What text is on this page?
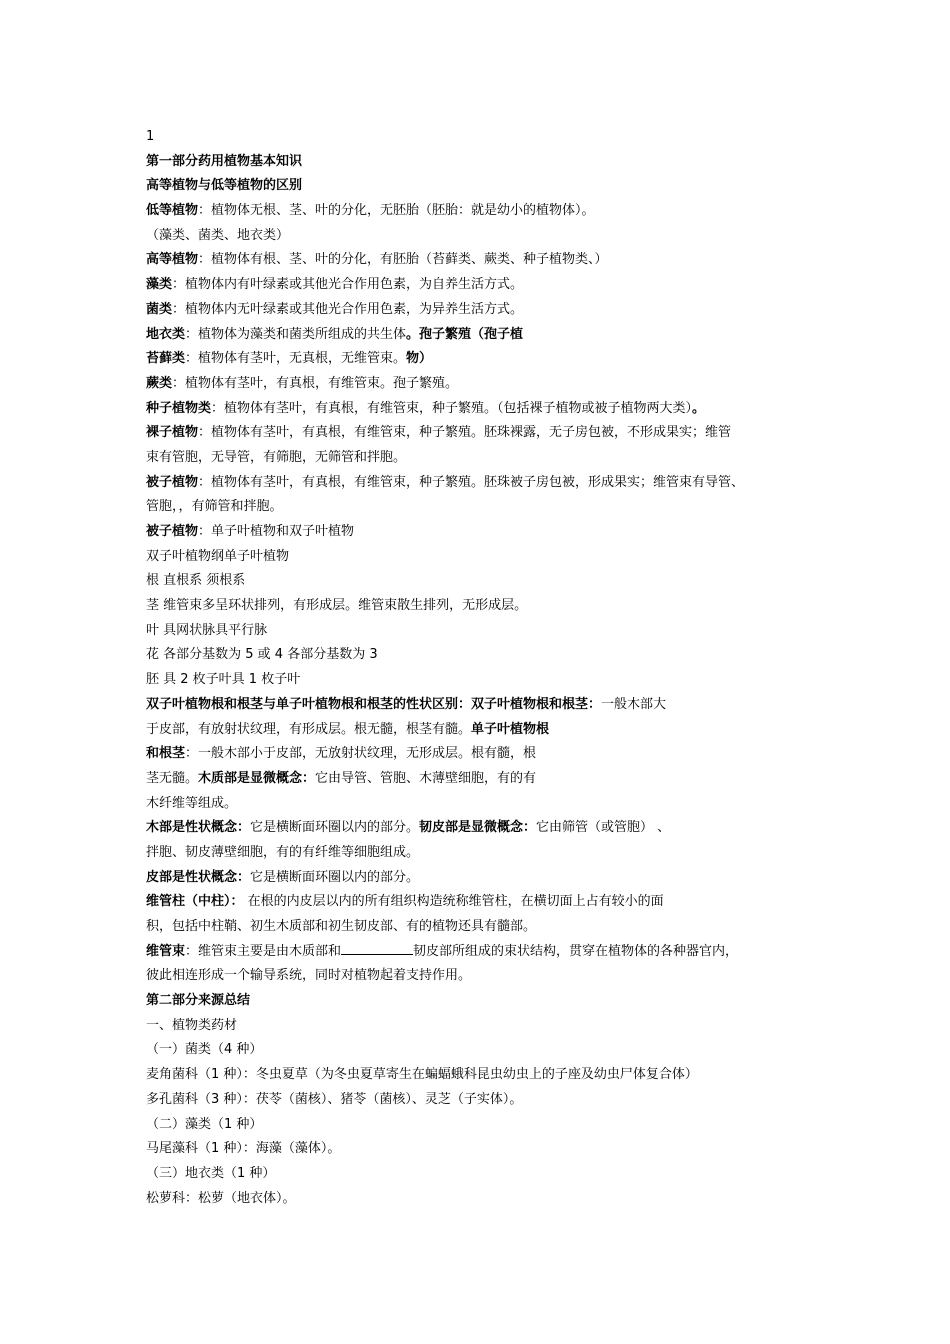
1
第一部分药用植物基本知识
高等植物与低等植物的区别
低等植物：植物体无根、茎、叶的分化，无胚胎（胚胎：就是幼小的植物体）。
（藻类、菌类、地衣类）
高等植物：植物体有根、茎、叶的分化，有胚胎（苔藓类、蕨类、种子植物类、）
藻类：植物体内有叶绿素或其他光合作用色素，为自养生活方式。
菌类：植物体内无叶绿素或其他光合作用色素，为异养生活方式。
地衣类：植物体为藻类和菌类所组成的共生体。孢子繁殖（孢子植
苔藓类：植物体有茎叶，无真根，无维管束。物）
蕨类：植物体有茎叶，有真根，有维管束。孢子繁殖。
种子植物类：植物体有茎叶，有真根，有维管束，种子繁殖。（包括裸子植物或被子植物两大类）。
裸子植物：植物体有茎叶，有真根，有维管束，种子繁殖。胚珠裸露，无子房包被，不形成果实；维管
束有管胞，无导管，有筛胞，无筛管和拌胞。
被子植物：植物体有茎叶，有真根，有维管束，种子繁殖。胚珠被子房包被，形成果实；维管束有导管、
管胞，，有筛管和拌胞。
被子植物：单子叶植物和双子叶植物
双子叶植物纲单子叶植物
根 直根系 须根系
茎 维管束多呈环状排列，有形成层。维管束散生排列，无形成层。
叶 具网状脉具平行脉
花 各部分基数为 5 或 4 各部分基数为 3
胚 具 2 枚子叶具 1 枚子叶
双子叶植物根和根茎与单子叶植物根和根茎的性状区别：双子叶植物根和根茎：一般木部大
于皮部，有放射状纹理，有形成层。根无髓，根茎有髓。单子叶植物根
和根茎：一般木部小于皮部，无放射状纹理，无形成层。根有髓，根
茎无髓。木质部是显微概念：它由导管、管胞、木薄壁细胞，有的有
木纤维等组成。
木部是性状概念：它是横断面环圈以内的部分。韧皮部是显微概念：它由筛管（或管胞） 、
拌胞、韧皮薄壁细胞，有的有纤维等细胞组成。
皮部是性状概念：它是横断面环圈以内的部分。
维管柱（中柱）： 在根的内皮层以内的所有组织构造统称维管柱，在横切面上占有较小的面
积，包括中柱鞘、初生木质部和初生韧皮部、有的植物还具有髓部。
维管束：维管束主要是由木质部和	韧皮部所组成的束状结构，贯穿在植物体的各种器官内，
彼此相连形成一个输导系统，同时对植物起着支持作用。
第二部分来源总结
一、植物类药材
（一）菌类（4 种）
麦角菌科（1 种）：冬虫夏草（为冬虫夏草寄生在蝙蝠蛾科昆虫幼虫上的子座及幼虫尸体复合体）
多孔菌科（3 种）：茯苓（菌核）、猪苓（菌核）、灵芝（子实体）。
（二）藻类（1 种）
马尾藻科（1 种）：海藻（藻体）。
（三）地衣类（1 种）
松萝科：松萝（地衣体）。
